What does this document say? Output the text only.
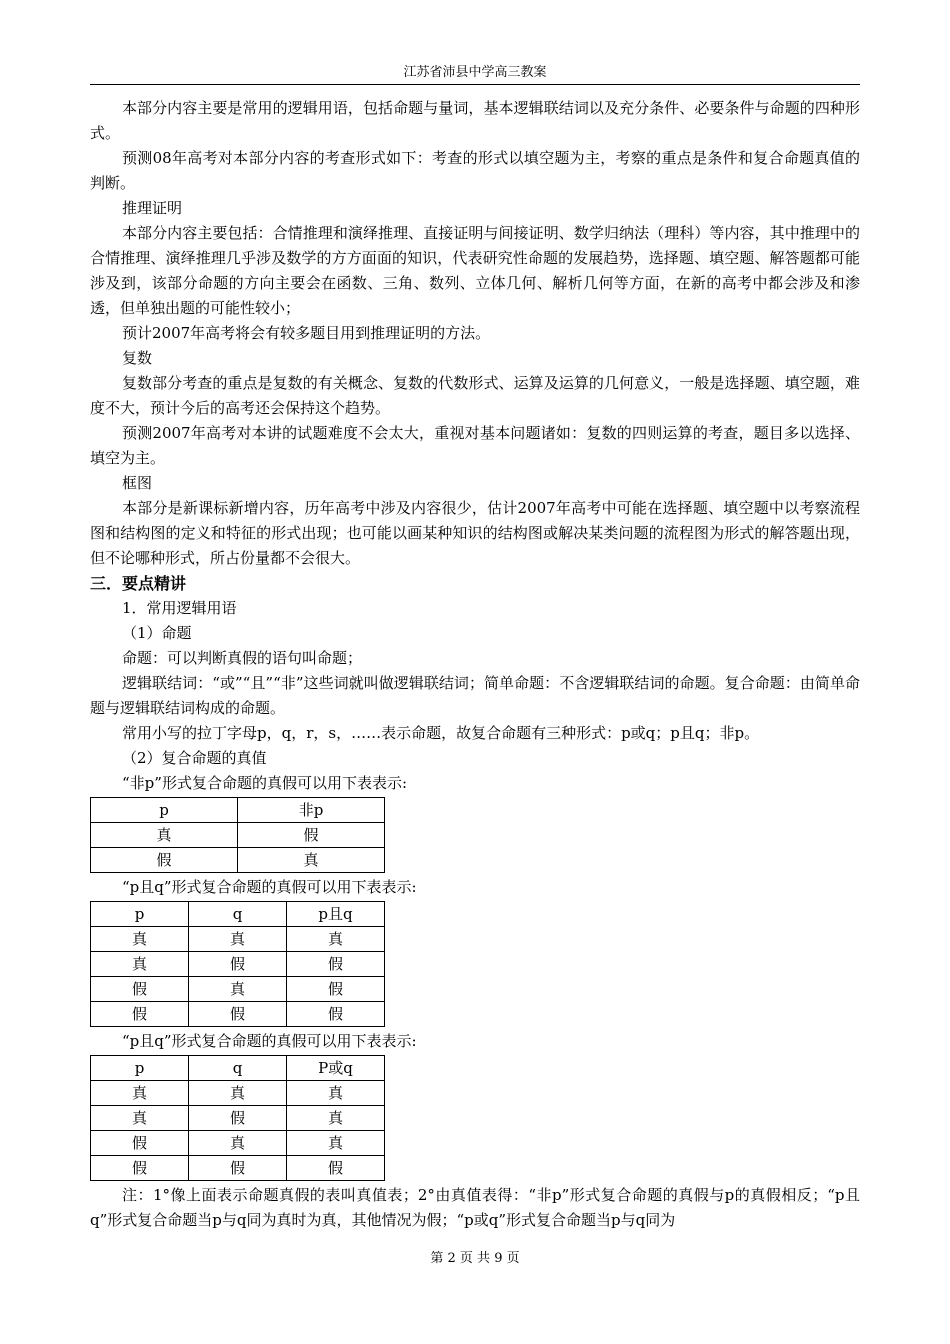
江苏省沛县中学高三教案

本部分内容主要是常用的逻辑用语，包括命题与量词，基本逻辑联结词以及充分条件、必要条件与命题的四种形式。

预测08年高考对本部分内容的考查形式如下：考查的形式以填空题为主，考察的重点是条件和复合命题真值的判断。

推理证明

本部分内容主要包括：合情推理和演绎推理、直接证明与间接证明、数学归纳法（理科）等内容，其中推理中的合情推理、演绎推理几乎涉及数学的方方面面的知识，代表研究性命题的发展趋势，选择题、填空题、解答题都可能涉及到，该部分命题的方向主要会在函数、三角、数列、立体几何、解析几何等方面，在新的高考中都会涉及和渗透，但单独出题的可能性较小；

预计2007年高考将会有较多题目用到推理证明的方法。

复数

复数部分考查的重点是复数的有关概念、复数的代数形式、运算及运算的几何意义，一般是选择题、填空题，难度不大，预计今后的高考还会保持这个趋势。

预测2007年高考对本讲的试题难度不会太大，重视对基本问题诸如：复数的四则运算的考查，题目多以选择、填空为主。

框图

本部分是新课标新增内容，历年高考中涉及内容很少，估计2007年高考中可能在选择题、填空题中以考察流程图和结构图的定义和特征的形式出现；也可能以画某种知识的结构图或解决某类问题的流程图为形式的解答题出现，但不论哪种形式，所占份量都不会很大。

三．要点精讲

1．常用逻辑用语

（1）命题

命题：可以判断真假的语句叫命题；

逻辑联结词：“或”“且”“非”这些词就叫做逻辑联结词；简单命题：不含逻辑联结词的命题。复合命题：由简单命题与逻辑联结词构成的命题。

常用小写的拉丁字母p，q，r，s，……表示命题，故复合命题有三种形式：p或q；p且q；非p。

（2）复合命题的真值

“非p”形式复合命题的真假可以用下表表示:

p	非p
真	假
假	真

“p且q”形式复合命题的真假可以用下表表示:

p	q	p且q
真	真	真
真	假	假
假	真	假
假	假	假

“p且q”形式复合命题的真假可以用下表表示:

p	q	P或q
真	真	真
真	假	真
假	真	真
假	假	假

注：1°像上面表示命题真假的表叫真值表；2°由真值表得：“非p”形式复合命题的真假与p的真假相反；“p且q”形式复合命题当p与q同为真时为真，其他情况为假；“p或q”形式复合命题当p与q同为

第 2 页 共 9 页
